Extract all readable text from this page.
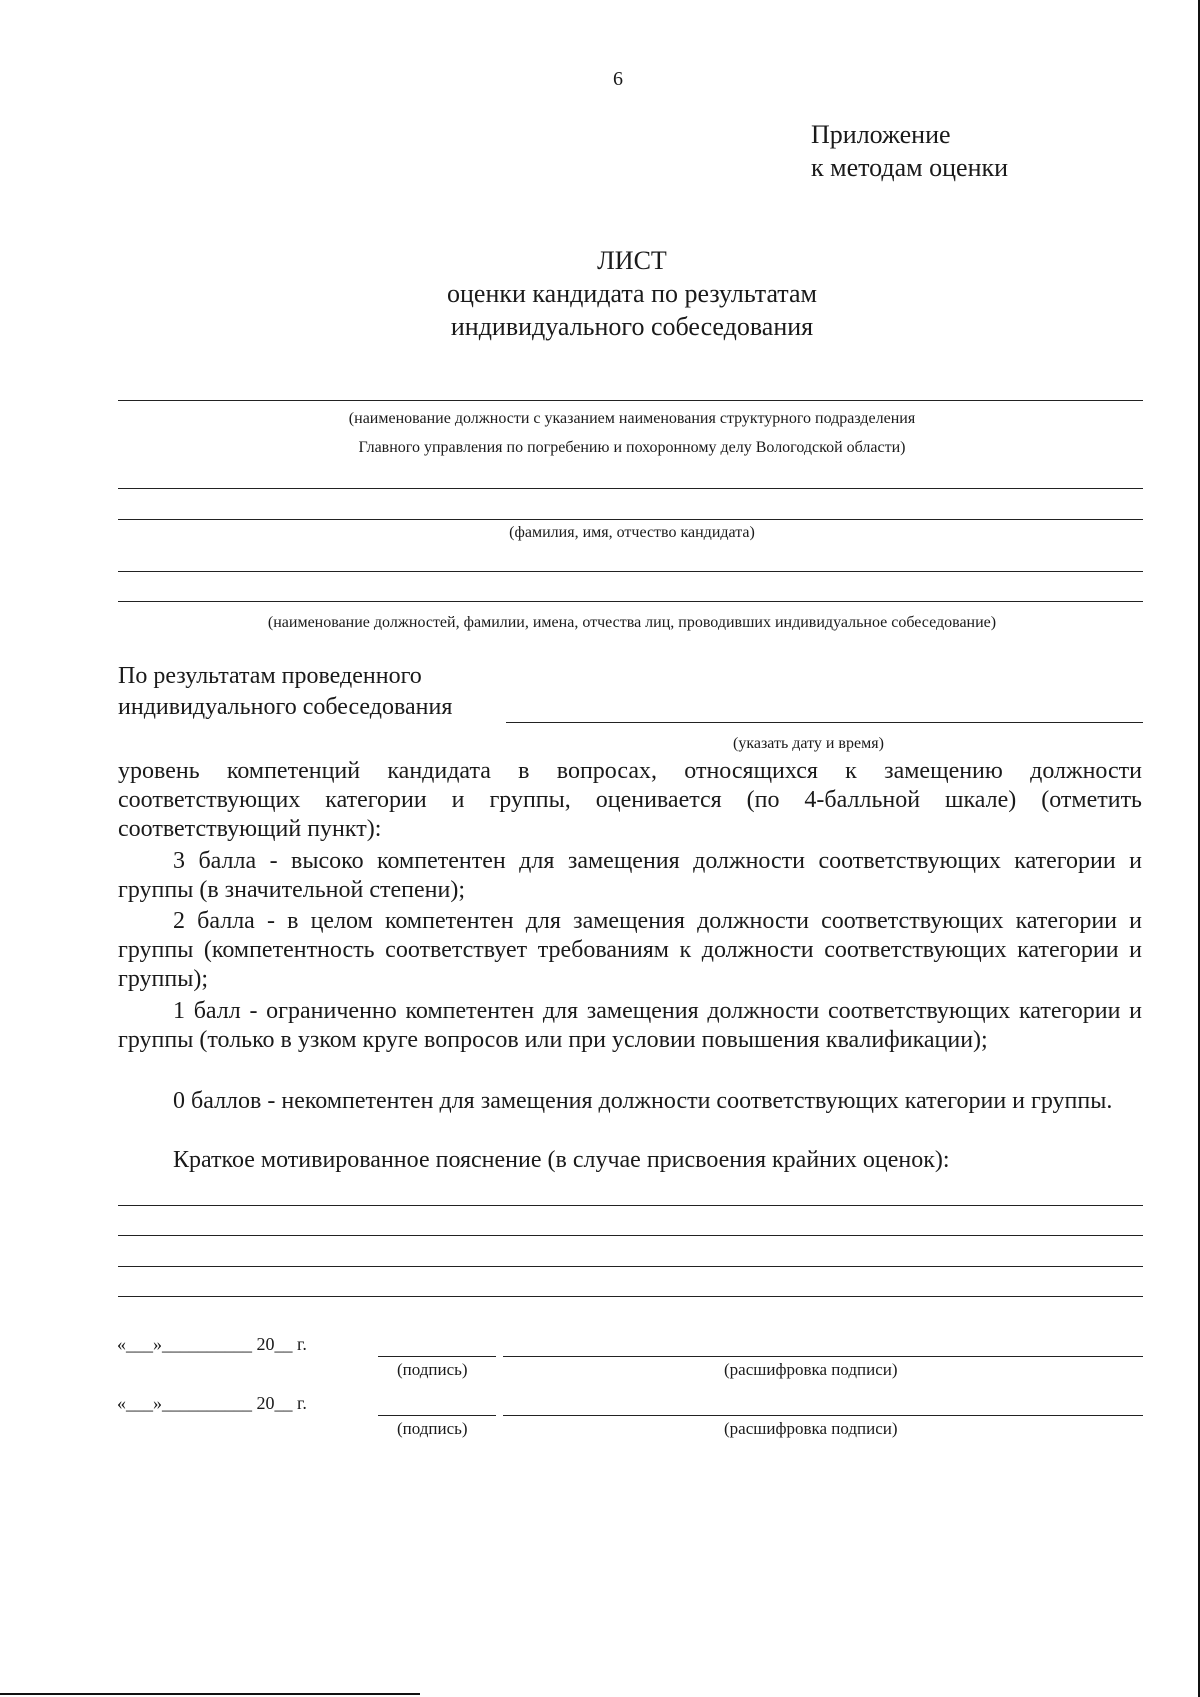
6
Приложение
к методам оценки
ЛИСТ
оценки кандидата по результатам
индивидуального собеседования
(наименование должности с указанием наименования структурного подразделения
Главного управления по погребению и похоронному делу Вологодской области)
(фамилия, имя, отчество кандидата)
(наименование должностей, фамилии, имена, отчества лиц, проводивших индивидуальное собеседование)
По результатам проведенного
индивидуального собеседования
(указать дату и время)
уровень компетенций кандидата в вопросах, относящихся к замещению должности соответствующих категории и группы, оценивается (по 4-балльной шкале) (отметить соответствующий пункт):
3 балла - высоко компетентен для замещения должности соответствующих категории и группы (в значительной степени);
2 балла - в целом компетентен для замещения должности соответствующих категории и группы (компетентность соответствует требованиям к должности соответствующих категории и группы);
1 балл - ограниченно компетентен для замещения должности соответствующих категории и группы (только в узком круге вопросов или при условии повышения квалификации);
0 баллов - некомпетентен для замещения должности соответствующих категории и группы.
Краткое мотивированное пояснение (в случае присвоения крайних оценок):
«___»__________ 20__ г.
(подпись)	(расшифровка подписи)
«___»__________ 20__ г.
(подпись)	(расшифровка подписи)
